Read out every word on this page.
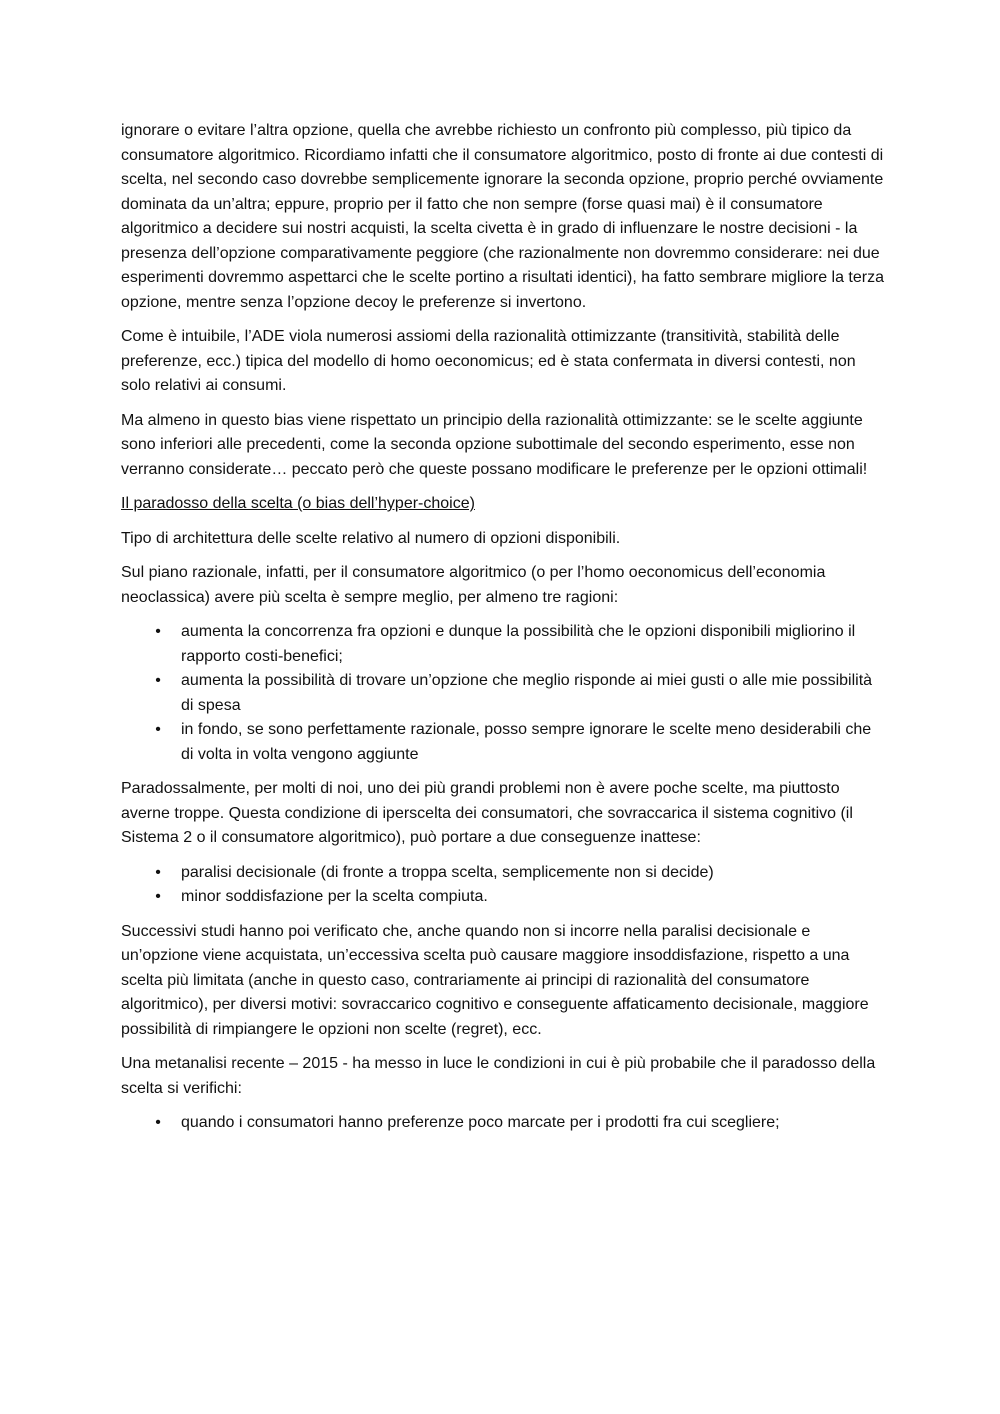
ignorare o evitare l’altra opzione, quella che avrebbe richiesto un confronto più complesso, più tipico da consumatore algoritmico. Ricordiamo infatti che il consumatore algoritmico, posto di fronte ai due contesti di scelta, nel secondo caso dovrebbe semplicemente ignorare la seconda opzione, proprio perché ovviamente dominata da un’altra; eppure, proprio per il fatto che non sempre (forse quasi mai) è il consumatore algoritmico a decidere sui nostri acquisti, la scelta civetta è in grado di influenzare le nostre decisioni - la presenza dell’opzione comparativamente peggiore (che razionalmente non dovremmo considerare: nei due esperimenti dovremmo aspettarci che le scelte portino a risultati identici), ha fatto sembrare migliore la terza opzione, mentre senza l’opzione decoy le preferenze si invertono.

Come è intuibile, l’ADE viola numerosi assiomi della razionalità ottimizzante (transitività, stabilità delle preferenze, ecc.) tipica del modello di homo oeconomicus; ed è stata confermata in diversi contesti, non solo relativi ai consumi.

Ma almeno in questo bias viene rispettato un principio della razionalità ottimizzante: se le scelte aggiunte sono inferiori alle precedenti, come la seconda opzione subottimale del secondo esperimento, esse non verranno considerate… peccato però che queste possano modificare le preferenze per le opzioni ottimali!

Il paradosso della scelta (o bias dell’hyper-choice)

Tipo di architettura delle scelte relativo al numero di opzioni disponibili.

Sul piano razionale, infatti, per il consumatore algoritmico (o per l’homo oeconomicus dell’economia neoclassica) avere più scelta è sempre meglio, per almeno tre ragioni:

• aumenta la concorrenza fra opzioni e dunque la possibilità che le opzioni disponibili migliorino il rapporto costi-benefici;
• aumenta la possibilità di trovare un’opzione che meglio risponde ai miei gusti o alle mie possibilità di spesa
• in fondo, se sono perfettamente razionale, posso sempre ignorare le scelte meno desiderabili che di volta in volta vengono aggiunte

Paradossalmente, per molti di noi, uno dei più grandi problemi non è avere poche scelte, ma piuttosto averne troppe. Questa condizione di iperscelta dei consumatori, che sovraccarica il sistema cognitivo (il Sistema 2 o il consumatore algoritmico), può portare a due conseguenze inattese:

• paralisi decisionale (di fronte a troppa scelta, semplicemente non si decide)
• minor soddisfazione per la scelta compiuta.

Successivi studi hanno poi verificato che, anche quando non si incorre nella paralisi decisionale e un’opzione viene acquistata, un’eccessiva scelta può causare maggiore insoddisfazione, rispetto a una scelta più limitata (anche in questo caso, contrariamente ai principi di razionalità del consumatore algoritmico), per diversi motivi: sovraccarico cognitivo e conseguente affaticamento decisionale, maggiore possibilità di rimpiangere le opzioni non scelte (regret), ecc.

Una metanalisi recente – 2015 - ha messo in luce le condizioni in cui è più probabile che il paradosso della scelta si verifichi:

• quando i consumatori hanno preferenze poco marcate per i prodotti fra cui scegliere;
